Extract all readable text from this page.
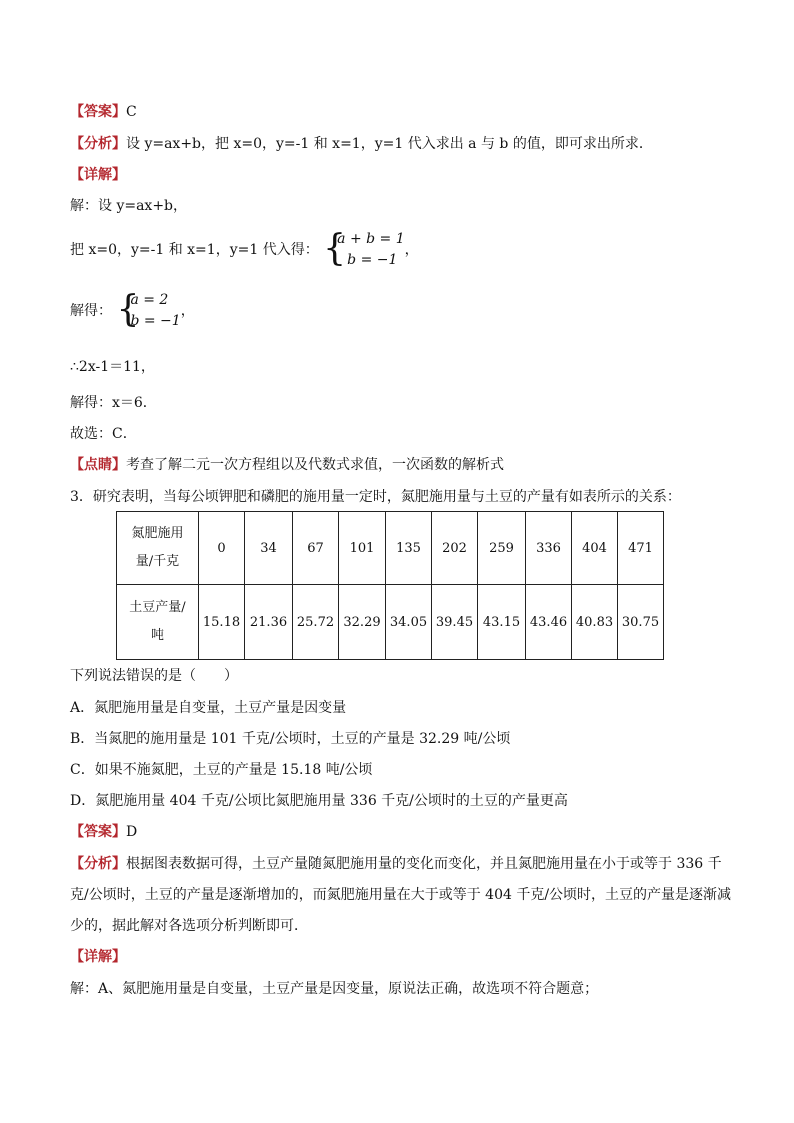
【答案】C
【分析】设 y=ax+b，把 x=0，y=-1 和 x=1，y=1 代入求出 a 与 b 的值，即可求出所求．
【详解】
解：设 y=ax+b，
把 x=0，y=-1 和 x=1，y=1 代入得： {
a + b = 1
b = −1
，
解得： {
a = 2
b = −1
，
∴2x-1＝11，
解得：x＝6．
故选：C．
【点睛】考查了解二元一次方程组以及代数式求值，一次函数的解析式
3．研究表明，当每公顷钾肥和磷肥的施用量一定时，氮肥施用量与土豆的产量有如表所示的关系：
氮肥施用
量/千克	0	34	67	101	135	202	259	336	404	471
土豆产量/
吨	15.18	21.36	25.72	32.29	34.05	39.45	43.15	43.46	40.83	30.75
下列说法错误的是（　　）
A．氮肥施用量是自变量，土豆产量是因变量
B．当氮肥的施用量是 101 千克/公顷时，土豆的产量是 32.29 吨/公顷
C．如果不施氮肥，土豆的产量是 15.18 吨/公顷
D．氮肥施用量 404 千克/公顷比氮肥施用量 336 千克/公顷时的土豆的产量更高
【答案】D
【分析】根据图表数据可得，土豆产量随氮肥施用量的变化而变化，并且氮肥施用量在小于或等于 336 千
克/公顷时，土豆的产量是逐渐增加的，而氮肥施用量在大于或等于 404 千克/公顷时，土豆的产量是逐渐减
少的，据此解对各选项分析判断即可．
【详解】
解：A、氮肥施用量是自变量，土豆产量是因变量，原说法正确，故选项不符合题意；
